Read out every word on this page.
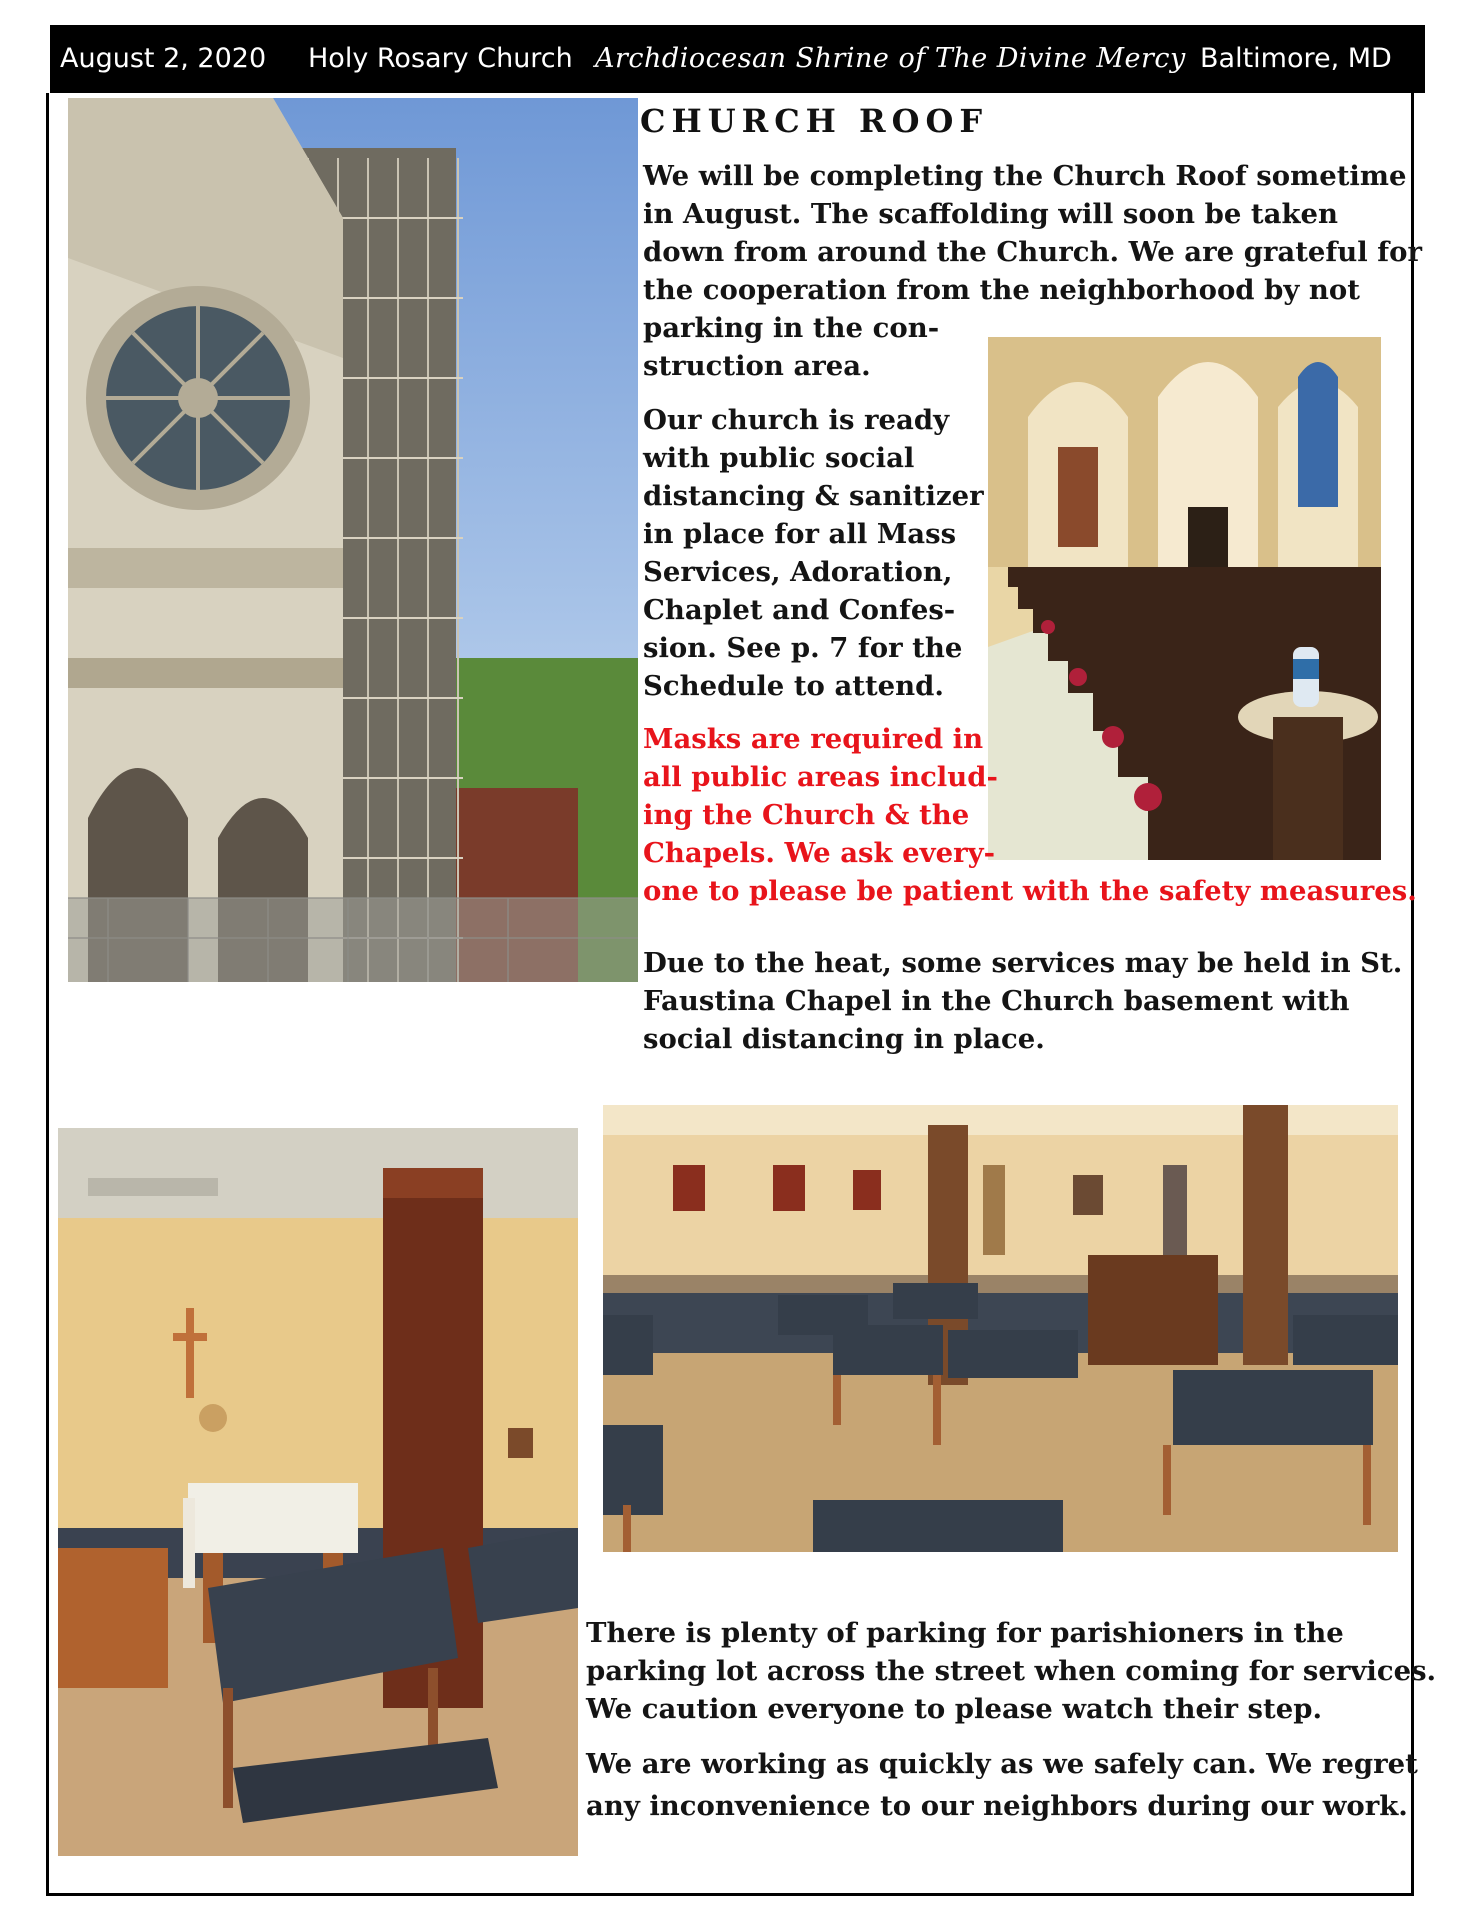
August 2, 2020 Holy Rosary Church Archdiocesan Shrine of The Divine Mercy Baltimore, MD
CHURCH ROOF
We will be completing the Church Roof sometime
in August. The scaffolding will soon be taken
down from around the Church. We are grateful for
the cooperation from the neighborhood by not
parking in the con-
struction area.
Our church is ready
with public social
distancing & sanitizer
in place for all Mass
Services, Adoration,
Chaplet and Confes-
sion. See p. 7 for the
Schedule to attend.
Masks are required in
all public areas includ-
ing the Church & the
Chapels. We ask every-
one to please be patient with the safety measures.
Due to the heat, some services may be held in St.
Faustina Chapel in the Church basement with
social distancing in place.
There is plenty of parking for parishioners in the
parking lot across the street when coming for services.
We caution everyone to please watch their step.
We are working as quickly as we safely can. We regret
any inconvenience to our neighbors during our work.
